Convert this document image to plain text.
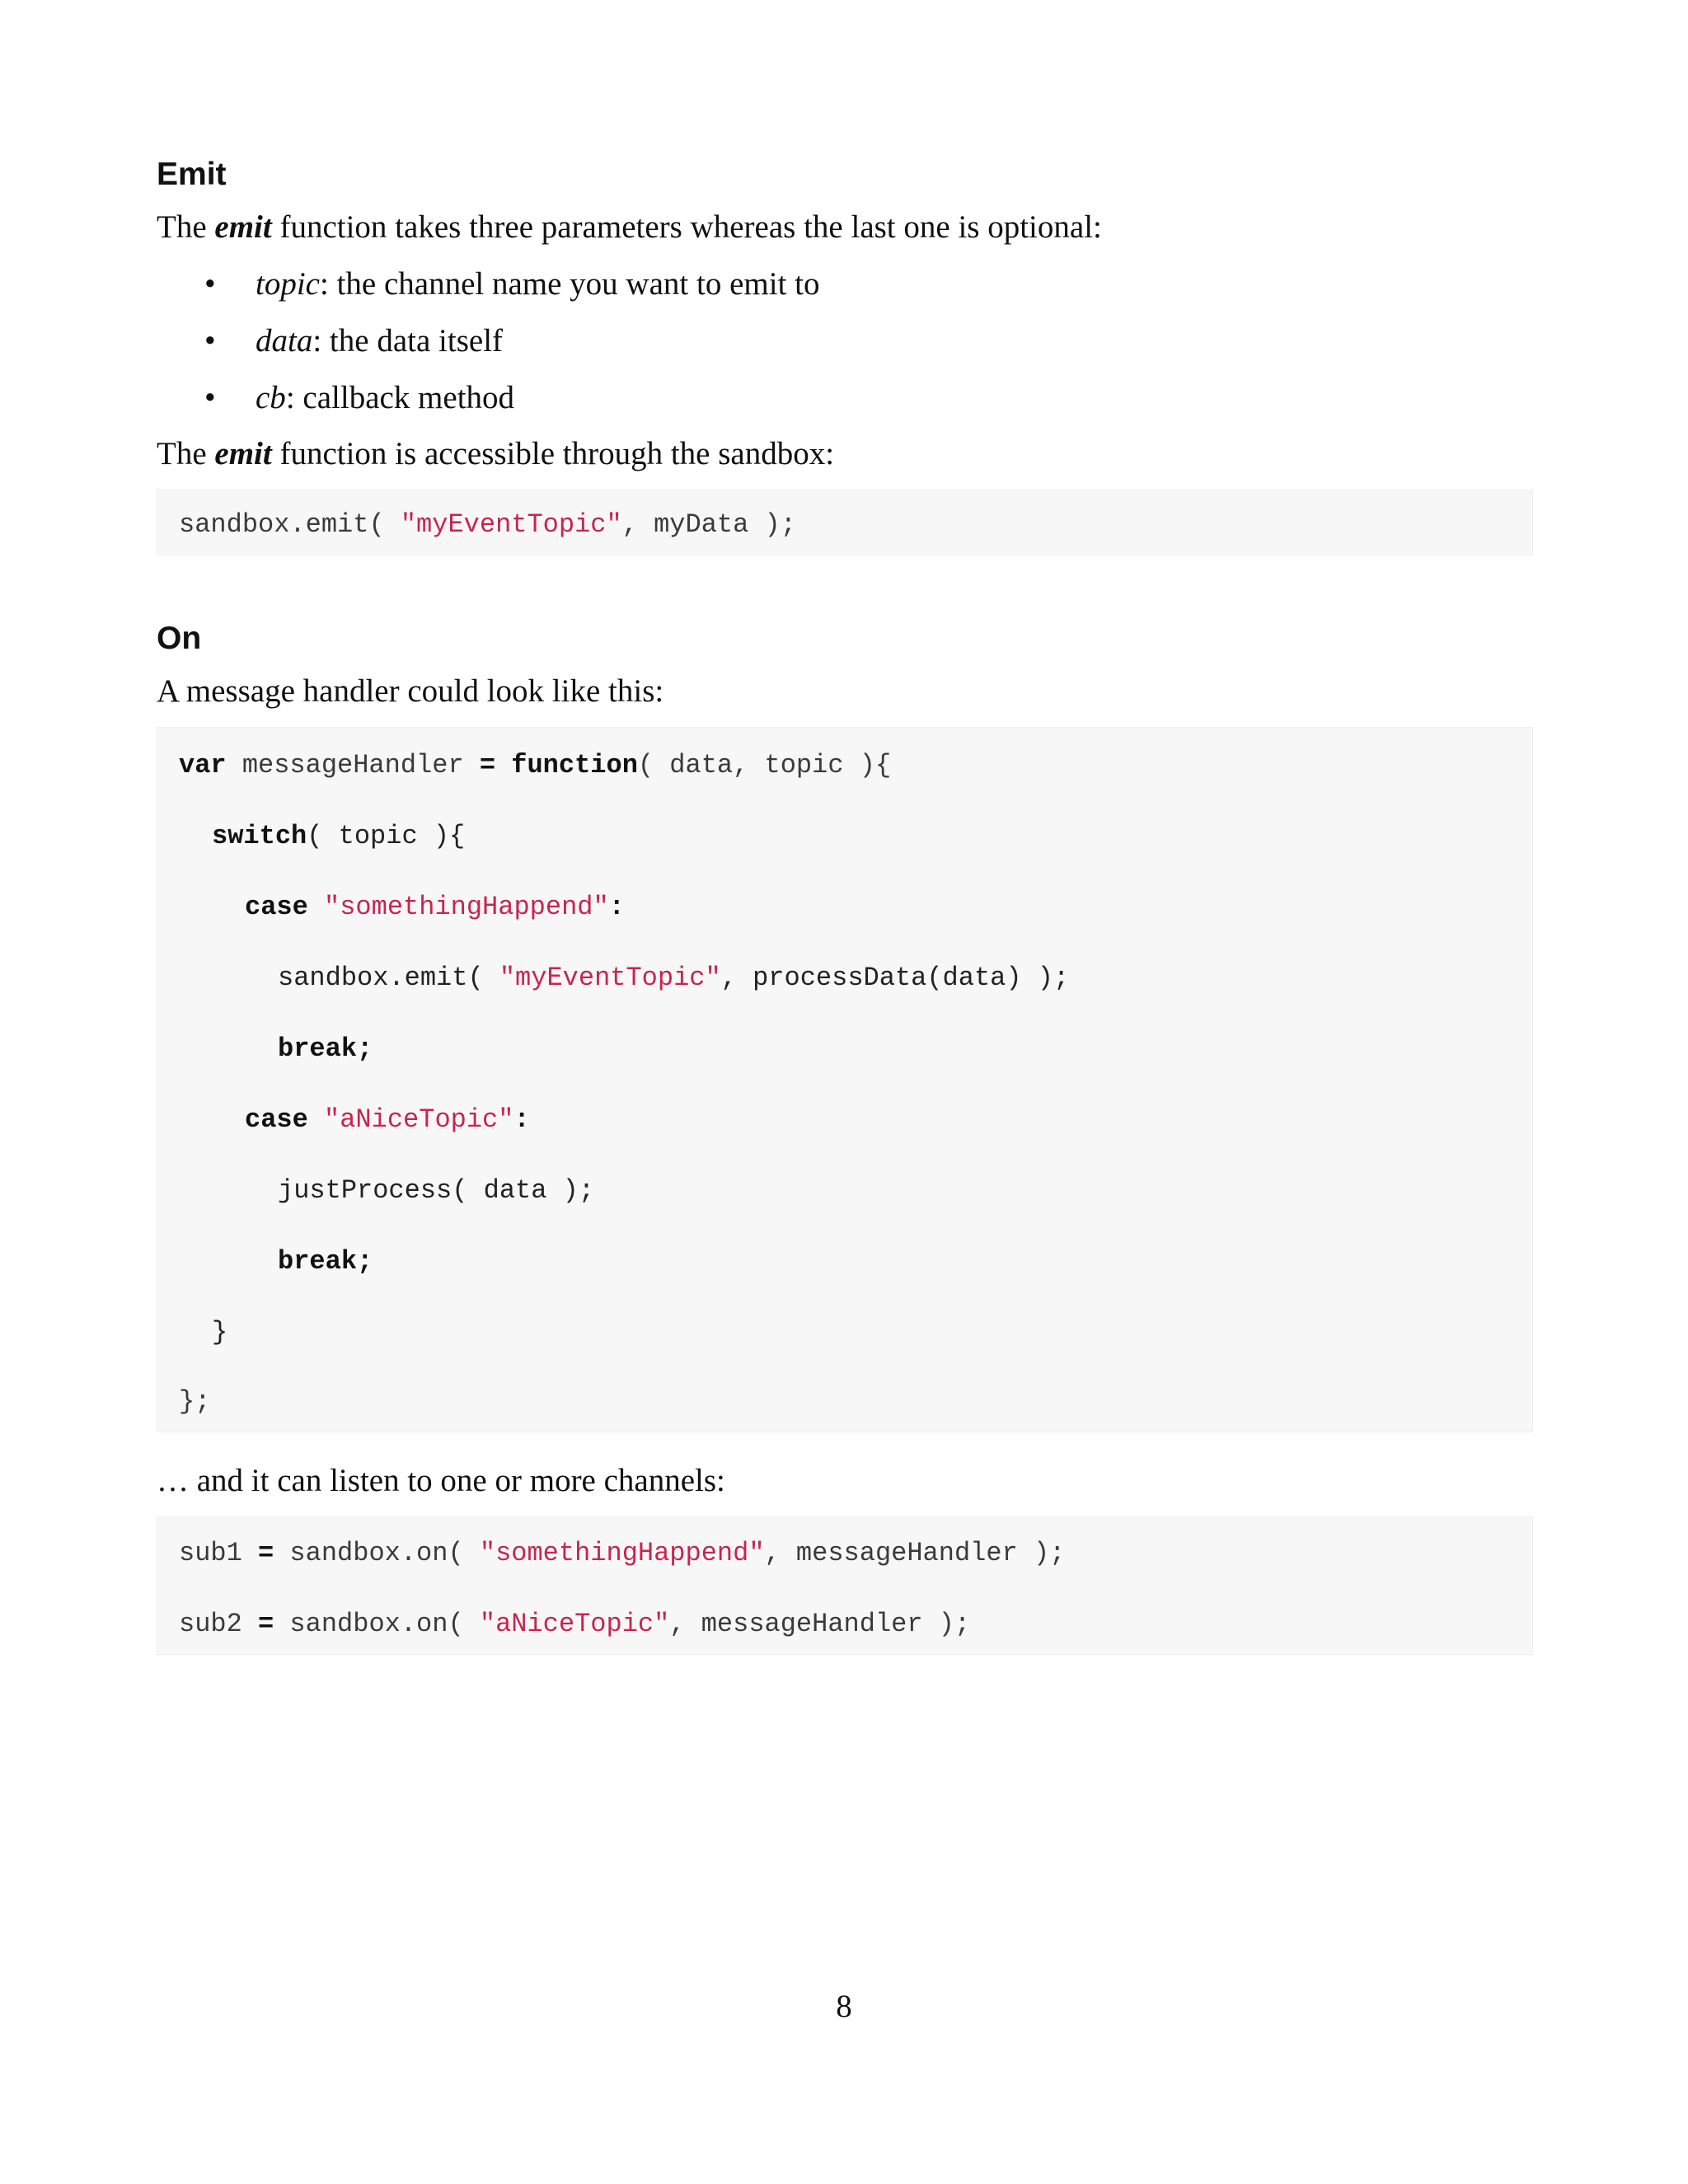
Emit

The emit function takes three parameters whereas the last one is optional:

• topic: the channel name you want to emit to
• data: the data itself
• cb: callback method

The emit function is accessible through the sandbox:

sandbox.emit( "myEventTopic", myData );
On

A message handler could look like this:

var messageHandler = function( data, topic ){
switch( topic ){
case "somethingHappend":
sandbox.emit( "myEventTopic", processData(data) );
break;
case "aNiceTopic":
justProcess( data );
break;
}
};

… and it can listen to one or more channels:

sub1 = sandbox.on( "somethingHappend", messageHandler );
sub2 = sandbox.on( "aNiceTopic", messageHandler );
8
